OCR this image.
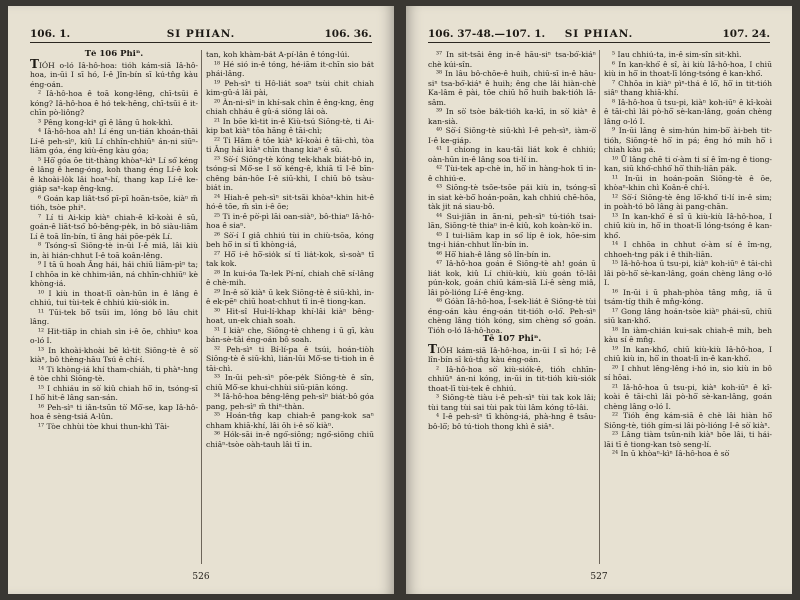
106. 1.	SI PHIAN.	106. 36.

Tē 106 Phiⁿ.

TIÓH o-ló Iâ-hô-hoa: tióh kám-siā Iâ-hô-hoa, in-ūi I sī hó, I-ê Jîn-bín sī kú-tn̂g kàu éng-oán.

² Iâ-hô-hoa ê toā kong-lêng, chī-tsūi ē kóng? Iâ-hô-hoa ê hó tek-hēng, chī-tsūi ē it-chīn pò-liông?

³ Pêng kong-kiⁿ gī ê lâng ū hok-khì.

⁴ Iâ-hô-hoa ah! Lí éng un-tián khoán-thāi Lí-ê peh-sìⁿ, kiû Lí chhîn-chhiūⁿ án-ni siūⁿ-liām góa, éng kiù-ēng kàu góa;

⁵ Hō͘ góa ōe tit-thàng khòaⁿ-kìⁿ Lí só͘ kéng ê lâng ê heng-óng, koh thang éng Lí-ê kok ê khoài-lo̍k lâi hoaⁿ-hí, thang kap Lí-ê ke-giáp saⁿ-kap êng-kng.

⁶ Goán kap liât-tsó͘ pī-pī hoān-tsōe, kiàⁿ m̄ tióh, tsòe phiⁿ.

⁷ Lí ti Ai-kip kiàⁿ chiah-ê kî-koài ê sū, goán-ê liāt-tsó͘ bô-bêng-pe̍k, in bô siàu-liām Lí ê toā lîn-bín, tī âng hái pōe-pe̍k Lí.

⁸ Tsóng-sī Siōng-tè in-ūi I-ê miâ, lâi kiù in, ài hián-chhut I-ê toā koân-lêng.

⁹ I tā ū hoah Âng hái, hái chiū liām-pìⁿ ta; I chhōa in kè chhim-iân, ná chhīn-chhiūⁿ kè khòng-iá.

¹⁰ I kiù in thoat-lī oàn-hūn in ê lâng ê chhiú, tui tùi-tek ê chhiú kiù-sio̍k in.

¹¹ Tūi-tek bô͘ tsūi im, lóng bô lâu chit lâng.

¹² Hit-tiāp in chiah sìn i-ê ōe, chhìuⁿ koa o-ló I.

¹³ In khoài-khoài bē kì-tit Siōng-tè ê sò͘ kiàⁿ, bô thèng-hāu Tsú ê chí-í.

¹⁴ Ti khòng-iá khí tham-chiáh, ti phàⁿ-hng ê tòe chhì Siōng-tè.

¹⁵ I chhiáu in sò͘ kiû chiah hō͘ in, tsóng-sī I hō͘ hit-ê lâng san-sán.

¹⁶ Peh-sìⁿ ti iân-tsūn tò͘ Mō͘-se, kap Iâ-hô-hoa ê sèng-tsiá A-lûn.

¹⁷ Tòe chhùi tòe khui thun-khì Tāi-

tan, koh khàm-bát A-pí-lân ê tóng-lúi.

¹⁸ Hé sió in-ê tóng, hé-iām it-chīn sio bát phái-lâng.

¹⁹ Peh-sìⁿ ti Hô-liát soaⁿ tsùi chit chiah kim-gû-á lâi pài,

²⁰ Àn-ni-sìⁿ in khí-sak chìn ê êng-kng, êng chiah chháu ê gû-á siōng lâi oà.

²¹ In bōe kì-tit in-ê Kiù-tsú Siōng-tè, ti Ai-kip bat kiàⁿ tōa hāng ê tāi-chì;

²² Ti Hâm ê tōe kiàⁿ kî-koài ê tāi-chì, tòa ti Âng hái kiàⁿ chīn thang kiaⁿ ê sū.

²³ Sò͘-í Siōng-tè kóng tek-khak biát-bô in, tsóng-sī Mô͘-se I sò͘ kéng-ê, khiā tī I-ê bīn-chêng bán-hôe I-ê siū-khì, I chiū bô tsàu-biát in.

²⁴ Hiah-ê peh-sìⁿ sit-tsāi khòaⁿ-khin hit-ê hó-ê tōe, m̄ sìn i-ê ōe;

²⁵ Ti in-ê pò͘-pì lāi oan-siàⁿ, bô-thiaⁿ Iâ-hô-hoa ê siaⁿ.

²⁶ Sò͘-í I giâ chhiú tùi in chiù-tsōa, kóng beh hō͘ in sí tī khòng-iá,

²⁷ Hō͘ i-ê hō͘-sio̍k sí tī lia̍t-kok, sì-soàⁿ tī tak kok.

²⁸ In kui-óa Ta-lek Pí-ní, chiah chē sí-lâng ê chè-mih.

²⁹ In-ê sò͘ kiàⁿ ū kek Siōng-tè ê siū-khì, in-ê ek-pēⁿ chiū hoat-chhut tī in-ê tiong-kan.

³⁰ Hit-sî Hui-lí-khap khí-lâi kiàⁿ bêng-hoat, un-ek chiah soah.

³¹ I kiàⁿ che, Siōng-tè chheng i ū gī, kàu bán-sè-tāi éng-oán bô soah.

³² Peh-sìⁿ ti Bí-lí-pa ê tsúi, hoán-tiòh Siōng-tè ê siū-khì, lián-lūi Mô͘-se ti-tioh in ê tāi-chì.

³³ In-ūi peh-sìⁿ pōe-pe̍k Siōng-tè ê sîn, chiū Mô͘-se khui-chhùi siū-piān kóng.

³⁴ Iâ-hô-hoa bêng-lêng peh-sìⁿ biát-bô góa pang, peh-sìⁿ m̄ thiⁿ-thàn.

³⁵ Hoán-tn̂g kap chiah-ê pang-kok saⁿ chham khiā-khí, lâi ōh i-ê sò͘ kiàⁿ.

³⁶ Hók-sāi in-ê ngó͘-siōng; ngó͘-siōng chiū chiâⁿ-tsòe oàh-tauh lâi tī in.

526
106. 37-48.—107. 1.	SI PHIAN.	107. 24.

³⁷ In sit-tsāi êng in-ê hāu-siⁿ tsa-bó͘-kiáⁿ chè kúi-sîn.

³⁸ In lâu bô-chōe-ê huih, chiū-sī in-ê hāu-siⁿ tsa-bó͘-kiáⁿ ê huih; êng che lâi hiàn-chè Ka-lâm ê pài, tōe chiū hō͘ huih bak-tióh lā-sâm.

³⁹ In sò͘ tsòe bák-tióh ka-kī, in sò͘ kiàⁿ ê kan-sià.

⁴⁰ Sò͘-í Siōng-tè siū-khì I-ê peh-sìⁿ, iàm-ò͘ I-ê ke-giáp.

⁴¹ I chiong in kau-tāi liát kok ê chhiú; oàn-hūn in-ê lâng soa ti-lí in.

⁴² Tùi-tek ap-chè in, hō͘ in hàng-hok tī in-ê chhiú-e.

⁴³ Siōng-tè tsōe-tsōe pái kiù in, tsóng-sī in siat kè-bō͘ hoán-poān, kah chhiú chē-hōa, tàk jit ná siau-bô.

⁴⁴ Sui-jiān in ān-ni, peh-sìⁿ tú-tióh tsai-lān, Siōng-tè thiaⁿ in-ê kiû, koh koàn-kò͘ in.

⁴⁵ I tui-liām kap in só͘ líp ê iok, hōe-sim tng-i hián-chhut lîn-bín in.

⁴⁶ Hō͘ hiah-ê lâng sô lîn-bín in.

⁴⁷ Iâ-hô-hoa goán ê Siōng-tè ah! goán ū liát kok, kiû Lí chiù-kiù, kiù goán tō-lâi pún-kok, goán chiū kám-siā Lí-ê sèng miâ, lâi pò-lióng Lí-ê êng-kng.

⁴⁸ Góàn Iâ-hô-hoa, Í-sek-liát ê Siōng-tè tùi éng-oán kàu éng-oán tit-tióh o-ló͘. Peh-sìⁿ chèng lâng tióh kóng, sim chèng só͘ goán. Tióh o-ló Iâ-hô-hoa.

Tē 107 Phiⁿ.

TIÓH kám-siā Iâ-hô-hoa, in-ūi I sī hó; I-ê lîn-bín sī kú-tn̂g kàu éng-oán.

² Iâ-hô-hoa sò͘ kiù-siók-ê, tióh chhīn-chhiūⁿ án-ni kóng, in-ūi in tit-tióh kiù-siók thoat-lī tùi-tek ê chhiú.

³ Siōng-tè tiàu i-ê peh-sìⁿ tùi tak kok lâi; tùi tang tùi sai tùi pak tùi lâm kóng tō-lâi.

⁴ I-ê peh-sìⁿ tī khòng-iá, phà-hng ê tsâu-bô-lō͘; bô tú-tioh thong khì ê siâⁿ.

⁵ Iau chhiú-ta, in-ê sim-sîn sit-khì.

⁶ In kan-khó͘ ê sî, ài kiù Iâ-hô-hoa, I chiū kiù in hō͘ in thoat-lī lóng-tsóng ê kan-khó͘.

⁷ Chhōa in kiàⁿ pìⁿ-thá ê lō͘, hō͘ in tit-tióh siâⁿ thang khiā-khí.

⁸ Iâ-hô-hoa ū tsu-pi, kiàⁿ koh-iūⁿ ê kî-koài ê tāi-chì lâi pò-hō͘ sè-kan-lâng, goán chèng lâng o-ló I.

⁹ In-ūi lâng ê sim-hún him-bō͘ ài-beh tit-tióh, Siōng-tè hō͘ in pá; êng hó mih hō͘ i chiah kàu pá.

¹⁰ Ū lâng chē ti o͘-àm ti sí ê îm-ng ê tiong-kan, siū khó͘-chhó͘ hō͘ thih-liān pák.

¹¹ In-ūi in hoán-poān Siōng-tè ê ōe, khòaⁿ-khin chì Koân-ê chí-ì.

¹² Sò͘-í Siōng-tè êng lō͘-khó͘ ti-lí in-ê sim; in poàh-tó bô lâng ài pang-chān.

¹³ In kan-khó͘ ê sî ū kiù-kiù Iâ-hô-hoa, I chiū kiù in, hō͘ in thoat-lī lóng-tsóng ê kan-khó͘.

¹⁴ I chhōa in chhut o͘-àm sí ê îm-ng, chhoeh-tng pák i ê thih-liān.

¹⁵ Iâ-hô-hoa ū tsu-pi, kiàⁿ koh-iūⁿ ê tāi-chì lâi pò-hō͘ sè-kan-lâng, goán chèng lâng o-ló I.

¹⁶ In-ūi i ū phah-phòa tâng mn̂g, iā ū tsám-tíg thih ê mn̂g-kóng.

¹⁷ Gong lâng hoán-tsòe kiàⁿ phái-sū, chiū siū kan-khó͘.

¹⁸ In iàm-chián kui-sak chiah-ê mih, beh kàu sí ê mn̂g.

¹⁹ In kan-khó͘, chiū kiù-kiù Iâ-hô-hoa, I chiū kiù in, hō͘ in thoat-lī in-ê kan-khó͘.

²⁰ I chhut lêng-lêng i-hó in, sio kiù in bô sí hōai.

²¹ Iâ-hô-hoa ū tsu-pi, kiàⁿ koh-iūⁿ ê kî-koài ê tāi-chì lâi pò-hō͘ sè-kan-lâng, goán chèng lâng o-ló I.

²² Tióh êng kám-siā ê chè lâi hiàn hō͘ Siōng-tè, tióh gím-si lâi pò-lióng I-ê sò͘ kiàⁿ.

²³ Lâng tiàm tsûn-nih kiàⁿ bōe lâi, ti hái-lāi tī ê tiong-kan tsò seng-lí.

²⁴ In ū khòaⁿ-kìⁿ Iâ-hô-hoa ê sò͘

527
